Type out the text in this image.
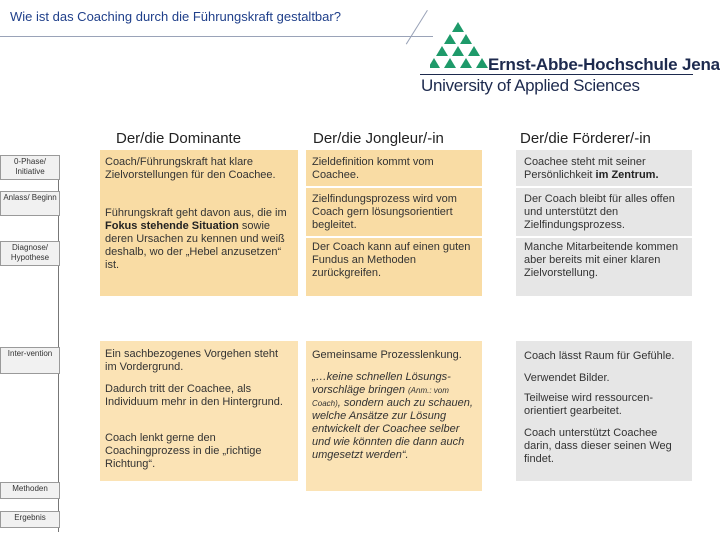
Wie ist das Coaching durch die Führungskraft gestaltbar?
Ernst-Abbe-Hochschule Jena
University of Applied Sciences
Der/die Dominante	Der/die Jongleur/-in	Der/die Förderer/-in
0-Phase/ Initiative
Anlass/ Beginn
Diagnose/ Hypothese
Inter-vention
Methoden
Ergebnis
Coach/Führungskraft hat klare Zielvorstellungen für den Coachee.
Führungskraft geht davon aus, die im Fokus stehende Situation sowie deren Ursachen zu kennen und weiß deshalb, wo der „Hebel anzusetzen“ ist.
Ein sachbezogenes Vorgehen steht im Vordergrund.
Dadurch tritt der Coachee, als Individuum mehr in den Hintergrund.
Coach lenkt gerne den Coachingprozess in die „richtige Richtung“.
Zieldefinition kommt vom Coachee.
Zielfindungsprozess wird vom Coach gern lösungsorientiert begleitet.
Der Coach kann auf einen guten Fundus an Methoden zurückgreifen.
Gemeinsame Prozesslenkung.
„…keine schnellen Lösungs-vorschläge bringen (Anm.: vom Coach), sondern auch zu schauen, welche Ansätze zur Lösung entwickelt der Coachee selber und wie könnten die dann auch umgesetzt werden“.
Coachee steht mit seiner Persönlichkeit im Zentrum.
Der Coach bleibt für alles offen und unterstützt den Zielfindungsprozess.
Manche Mitarbeitende kommen aber bereits mit einer klaren Zielvorstellung.
Coach lässt Raum für Gefühle.
Verwendet Bilder.
Teilweise wird ressourcen-orientiert gearbeitet.
Coach unterstützt Coachee darin, dass dieser seinen Weg findet.
